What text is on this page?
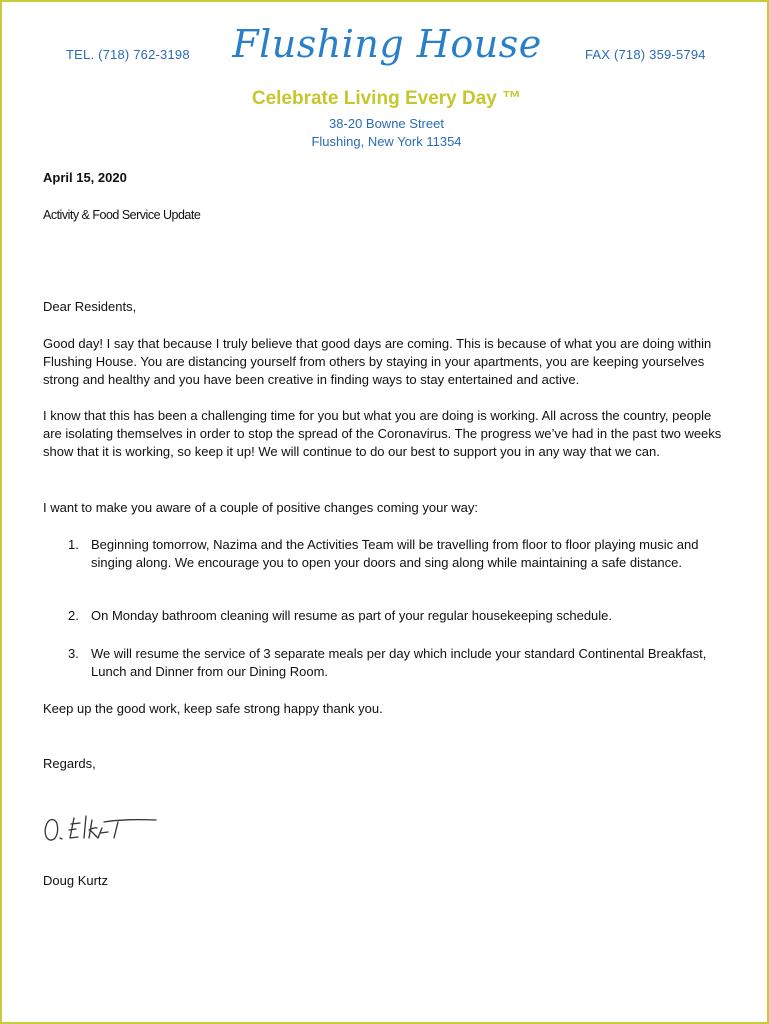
TEL. (718) 762-3198	Flushing House	FAX (718) 359-5794
Celebrate Living Every Day ™
38-20 Bowne Street
Flushing, New York 11354
April 15, 2020
Activity & Food Service Update
Dear Residents,
Good day! I say that because I truly believe that good days are coming. This is because of what you are doing within Flushing House. You are distancing yourself from others by staying in your apartments, you are keeping yourselves strong and healthy and you have been creative in finding ways to stay entertained and active.
I know that this has been a challenging time for you but what you are doing is working. All across the country, people are isolating themselves in order to stop the spread of the Coronavirus. The progress we’ve had in the past two weeks show that it is working, so keep it up! We will continue to do our best to support you in any way that we can.
I want to make you aware of a couple of positive changes coming your way:
1. Beginning tomorrow, Nazima and the Activities Team will be travelling from floor to floor playing music and singing along. We encourage you to open your doors and sing along while maintaining a safe distance.
2. On Monday bathroom cleaning will resume as part of your regular housekeeping schedule.
3. We will resume the service of 3 separate meals per day which include your standard Continental Breakfast, Lunch and Dinner from our Dining Room.
Keep up the good work, keep safe strong happy thank you.
Regards,
Doug Kurtz
